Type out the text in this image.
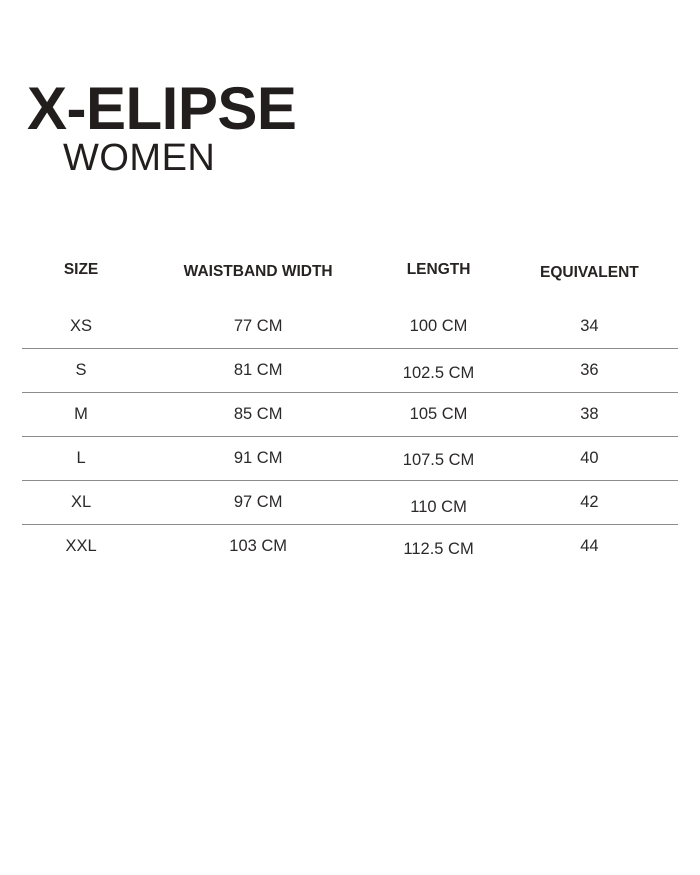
X-ELIPSE
WOMEN
SIZE	WAISTBAND WIDTH	LENGTH	EQUIVALENT
XS	77 CM	100 CM	34
S	81 CM	102.5 CM	36
M	85 CM	105 CM	38
L	91 CM	107.5 CM	40
XL	97 CM	110 CM	42
XXL	103 CM	112.5 CM	44
